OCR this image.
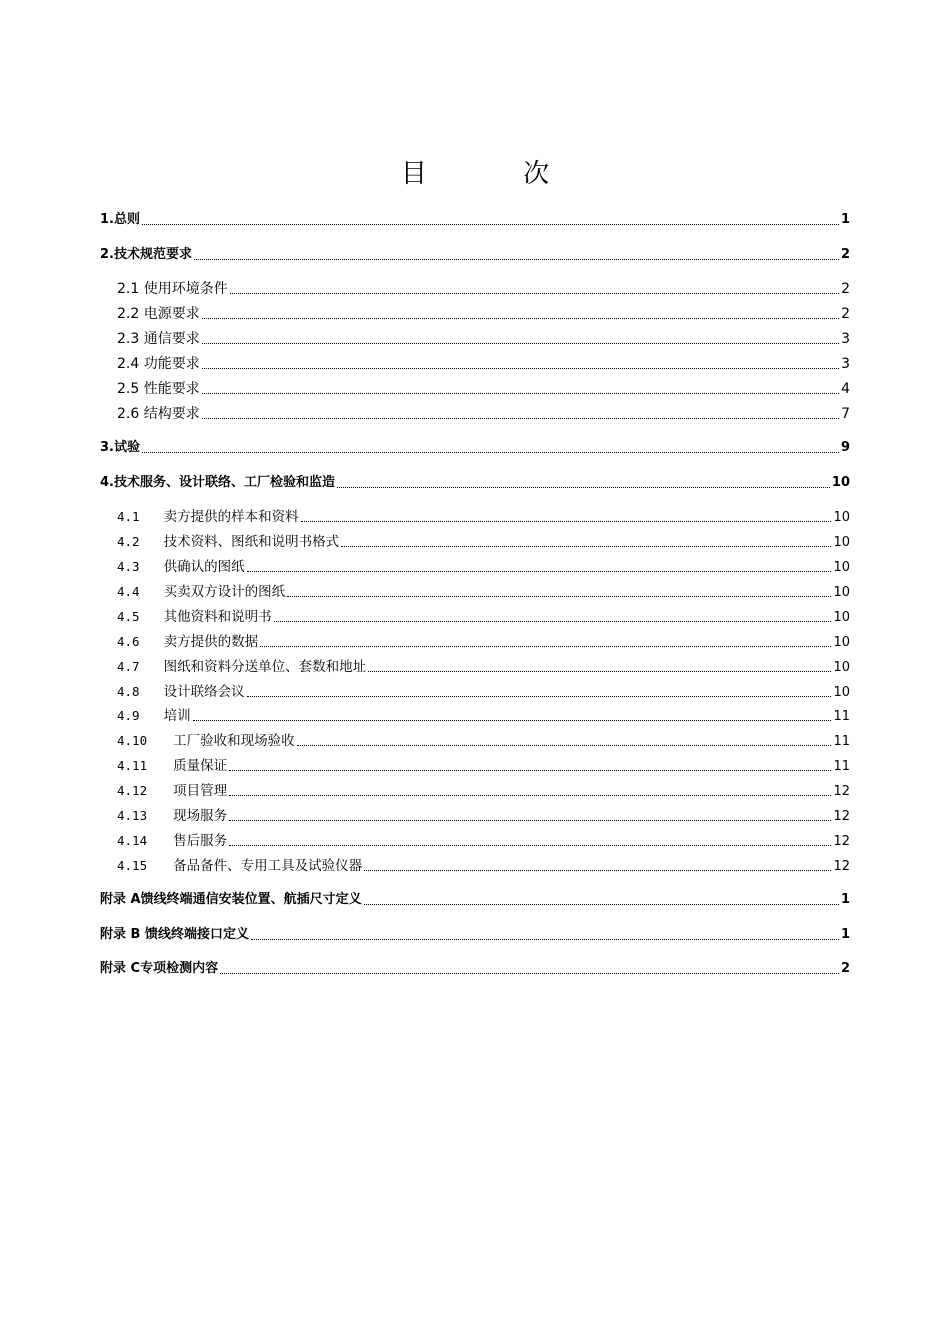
目 次
1.总则	1
2.技术规范要求	2
2.1 使用环境条件	2
2.2 电源要求	2
2.3 通信要求	3
2.4 功能要求	3
2.5 性能要求	4
2.6 结构要求	7
3.试验	9
4.技术服务、设计联络、工厂检验和监造	10
4.1 卖方提供的样本和资料	10
4.2 技术资料、图纸和说明书格式	10
4.3 供确认的图纸	10
4.4 买卖双方设计的图纸	10
4.5 其他资料和说明书	10
4.6 卖方提供的数据	10
4.7 图纸和资料分送单位、套数和地址	10
4.8 设计联络会议	10
4.9 培训	11
4.10 工厂验收和现场验收	11
4.11 质量保证	11
4.12 项目管理	12
4.13 现场服务	12
4.14 售后服务	12
4.15 备品备件、专用工具及试验仪器	12
附录 A馈线终端通信安装位置、航插尺寸定义	1
附录 B 馈线终端接口定义	1
附录 C专项检测内容	2
